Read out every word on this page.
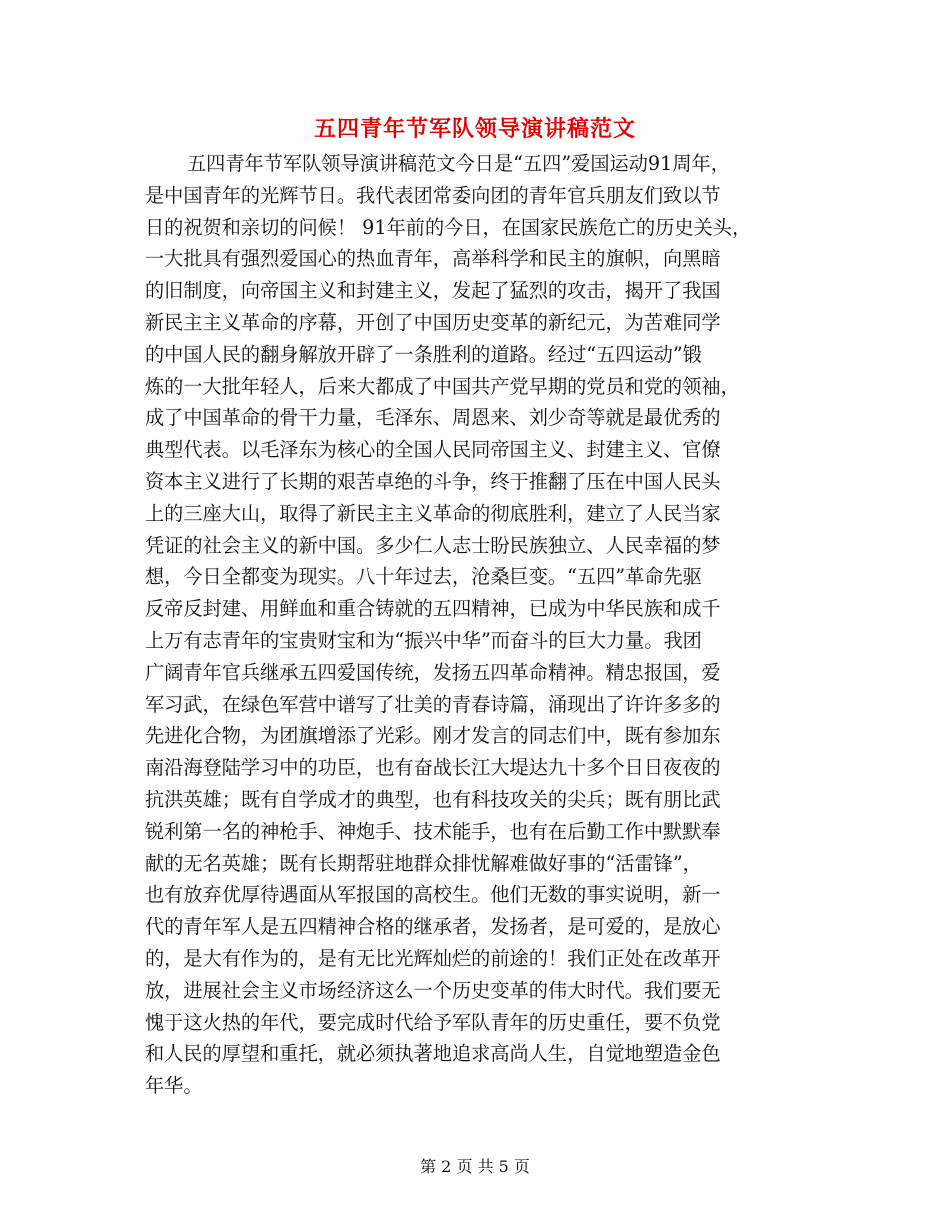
五四青年节军队领导演讲稿范文
五四青年节军队领导演讲稿范文今日是“五四”爱国运动91周年，
是中国青年的光辉节日。我代表团常委向团的青年官兵朋友们致以节
日的祝贺和亲切的问候！ 91年前的今日，在国家民族危亡的历史关头，
一大批具有强烈爱国心的热血青年，高举科学和民主的旗帜，向黑暗
的旧制度，向帝国主义和封建主义，发起了猛烈的攻击，揭开了我国
新民主主义革命的序幕，开创了中国历史变革的新纪元，为苦难同学
的中国人民的翻身解放开辟了一条胜利的道路。经过“五四运动”锻
炼的一大批年轻人，后来大都成了中国共产党早期的党员和党的领袖，
成了中国革命的骨干力量，毛泽东、周恩来、刘少奇等就是最优秀的
典型代表。以毛泽东为核心的全国人民同帝国主义、封建主义、官僚
资本主义进行了长期的艰苦卓绝的斗争，终于推翻了压在中国人民头
上的三座大山，取得了新民主主义革命的彻底胜利，建立了人民当家
凭证的社会主义的新中国。多少仁人志士盼民族独立、人民幸福的梦
想，今日全都变为现实。八十年过去，沧桑巨变。“五四”革命先驱
反帝反封建、用鲜血和重合铸就的五四精神，已成为中华民族和成千
上万有志青年的宝贵财宝和为“振兴中华”而奋斗的巨大力量。我团
广阔青年官兵继承五四爱国传统，发扬五四革命精神。精忠报国，爱
军习武，在绿色军营中谱写了壮美的青春诗篇，涌现出了许许多多的
先进化合物，为团旗增添了光彩。刚才发言的同志们中，既有参加东
南沿海登陆学习中的功臣，也有奋战长江大堤达九十多个日日夜夜的
抗洪英雄；既有自学成才的典型，也有科技攻关的尖兵；既有朋比武
锐利第一名的神枪手、神炮手、技术能手，也有在后勤工作中默默奉
献的无名英雄；既有长期帮驻地群众排忧解难做好事的“活雷锋”，
也有放弃优厚待遇面从军报国的高校生。他们无数的事实说明，新一
代的青年军人是五四精神合格的继承者，发扬者，是可爱的，是放心
的，是大有作为的，是有无比光辉灿烂的前途的！我们正处在改革开
放，进展社会主义市场经济这么一个历史变革的伟大时代。我们要无
愧于这火热的年代，要完成时代给予军队青年的历史重任，要不负党
和人民的厚望和重托，就必须执著地追求高尚人生，自觉地塑造金色
年华。
第 2 页 共 5 页
